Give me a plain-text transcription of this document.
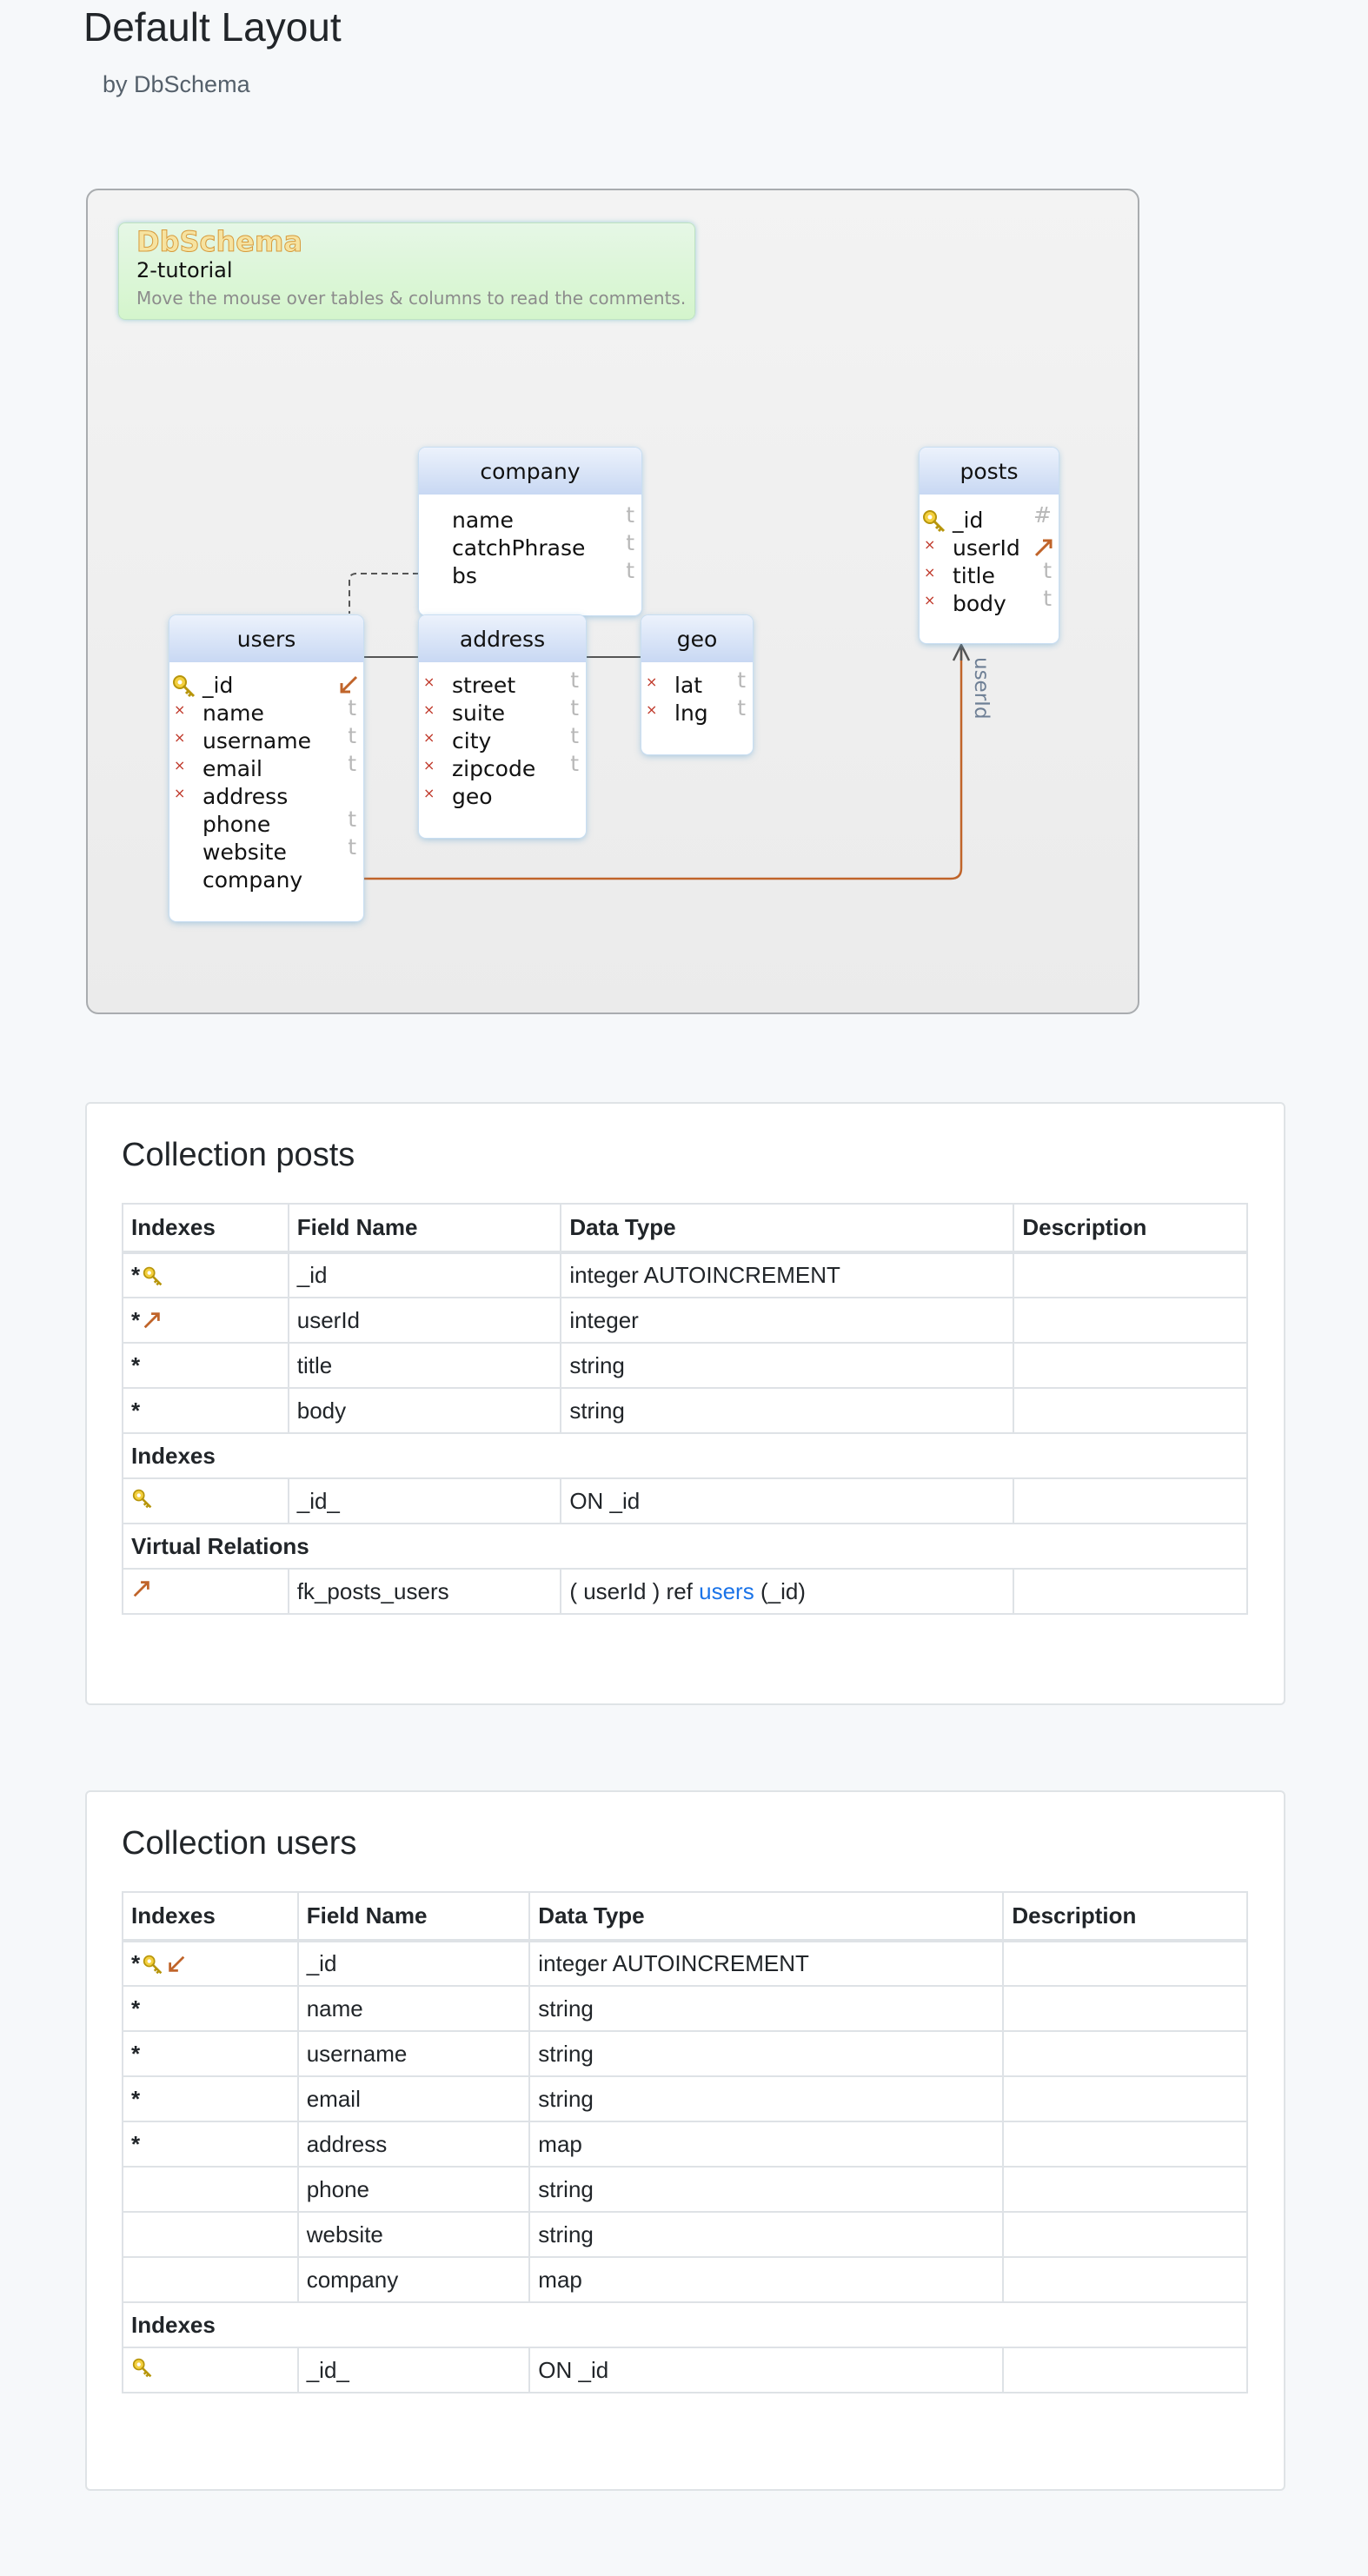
Default Layout
by DbSchema
userId
DbSchema
2-tutorial
Move the mouse over tables & columns to read the comments.
company
name	t
catchPhrase t
bs	t
posts
_id #
× userId
× title t
× body t
users
_id
× name	t
× username t
× email	t
× address
phone	t
website	t
company
address
× street	t
× suite	t
× city	t
× zipcode t
× geo
geo
× lat t
× lng t
Collection posts
Indexes	Field Name	Data Type	Description

*	_id	integer AUTOINCREMENT	

*	userId	integer	
*	title	string	
*	body	string	
Indexes			
	_id_	ON _id	
Virtual Relations			
	fk_posts_users	( userId ) ref users (_id)	
Collection users
Indexes	Field Name	Data Type	Description

*	_id	integer AUTOINCREMENT	
*	name	string	
*	username	string	
*	email	string	
*	address	map	
	phone	string	
	website	string	
	company	map	
Indexes			
	_id_	ON _id	
